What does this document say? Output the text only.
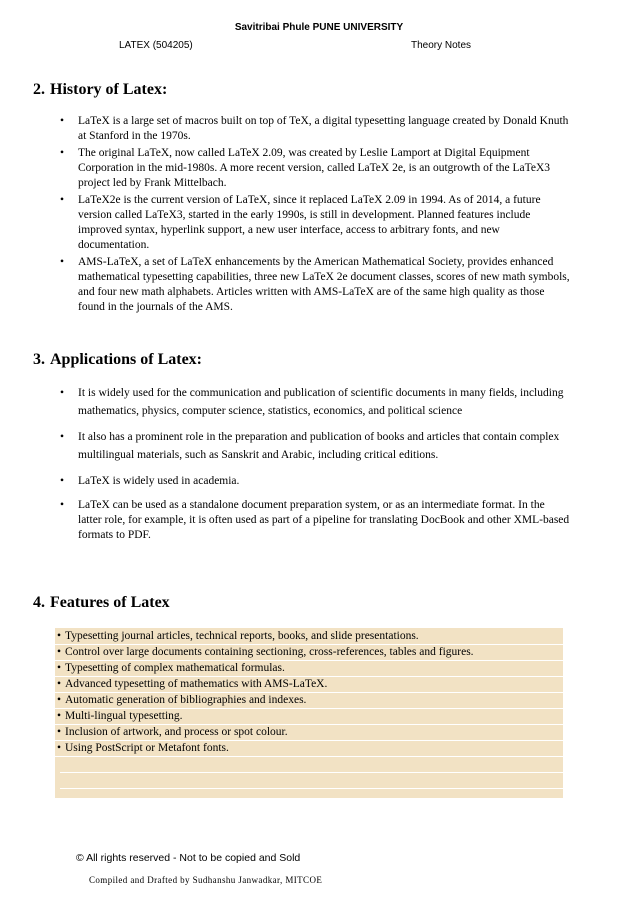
Savitribai Phule PUNE UNIVERSITY
LATEX (504205)	Theory Notes
2. History of Latex:
• LaTeX is a large set of macros built on top of TeX, a digital typesetting language created by Donald Knuth at Stanford in the 1970s.
• The original LaTeX, now called LaTeX 2.09, was created by Leslie Lamport at Digital Equipment Corporation in the mid-1980s. A more recent version, called LaTeX 2e, is an outgrowth of the LaTeX3 project led by Frank Mittelbach.
• LaTeX2e is the current version of LaTeX, since it replaced LaTeX 2.09 in 1994. As of 2014, a future version called LaTeX3, started in the early 1990s, is still in development. Planned features include improved syntax, hyperlink support, a new user interface, access to arbitrary fonts, and new documentation.
• AMS-LaTeX, a set of LaTeX enhancements by the American Mathematical Society, provides enhanced mathematical typesetting capabilities, three new LaTeX 2e document classes, scores of new math symbols, and four new math alphabets. Articles written with AMS-LaTeX are of the same high quality as those found in the journals of the AMS.
3. Applications of Latex:
• It is widely used for the communication and publication of scientific documents in many fields, including mathematics, physics, computer science, statistics, economics, and political science
• It also has a prominent role in the preparation and publication of books and articles that contain complex multilingual materials, such as Sanskrit and Arabic, including critical editions.
• LaTeX is widely used in academia.
• LaTeX can be used as a standalone document preparation system, or as an intermediate format. In the latter role, for example, it is often used as part of a pipeline for translating DocBook and other XML-based formats to PDF.
4. Features of Latex
• Typesetting journal articles, technical reports, books, and slide presentations.
• Control over large documents containing sectioning, cross-references, tables and figures.
• Typesetting of complex mathematical formulas.
• Advanced typesetting of mathematics with AMS-LaTeX.
• Automatic generation of bibliographies and indexes.
• Multi-lingual typesetting.
• Inclusion of artwork, and process or spot colour.
• Using PostScript or Metafont fonts.
© All rights reserved - Not to be copied and Sold
Compiled and Drafted by Sudhanshu Janwadkar, MITCOE
